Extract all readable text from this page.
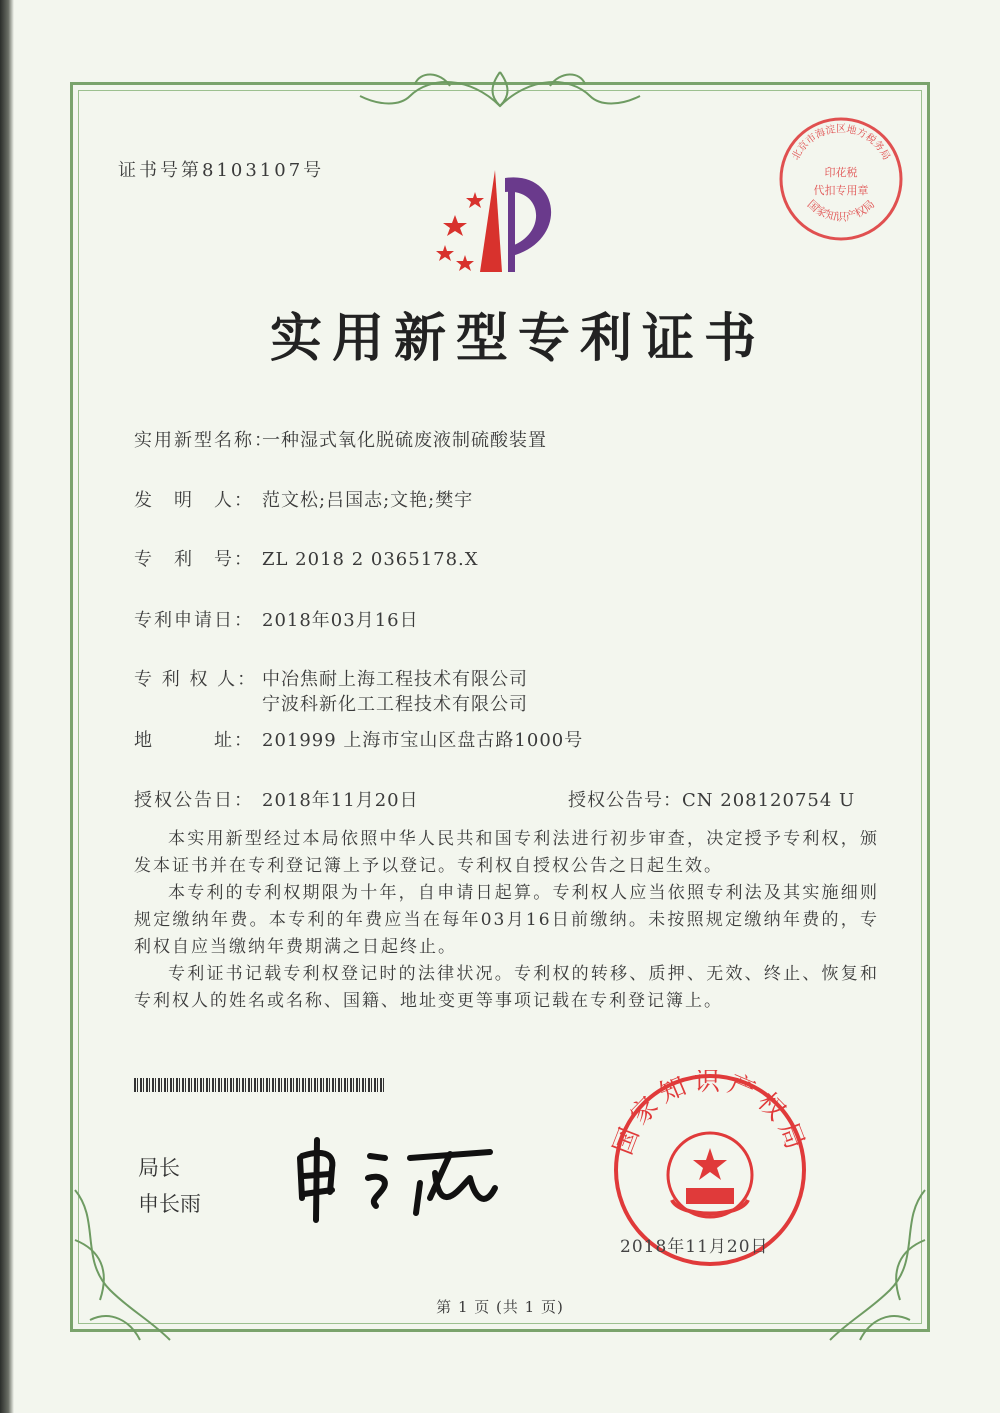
证书号第8103107号
北京市海淀区地方税务局
国家知识产权局
印花税
代扣专用章
实用新型专利证书
实用新型名称：一种湿式氧化脱硫废液制硫酸装置
发　明　人： 范文松;吕国志;文艳;樊宇
专　利　号： ZL 2018 2 0365178.X
专利申请日： 2018年03月16日
专 利 权 人： 中冶焦耐上海工程技术有限公司
宁波科新化工工程技术有限公司
地　　　址： 201999 上海市宝山区盘古路1000号
授权公告日： 2018年11月20日	授权公告号：CN 208120754 U
本实用新型经过本局依照中华人民共和国专利法进行初步审查，决定授予专利权，颁发本证书并在专利登记簿上予以登记。专利权自授权公告之日起生效。
本专利的专利权期限为十年，自申请日起算。专利权人应当依照专利法及其实施细则规定缴纳年费。本专利的年费应当在每年03月16日前缴纳。未按照规定缴纳年费的，专利权自应当缴纳年费期满之日起终止。
专利证书记载专利权登记时的法律状况。专利权的转移、质押、无效、终止、恢复和专利权人的姓名或名称、国籍、地址变更等事项记载在专利登记簿上。
局长
申长雨
国家知识产权局
2018年11月20日
第 1 页 (共 1 页)
